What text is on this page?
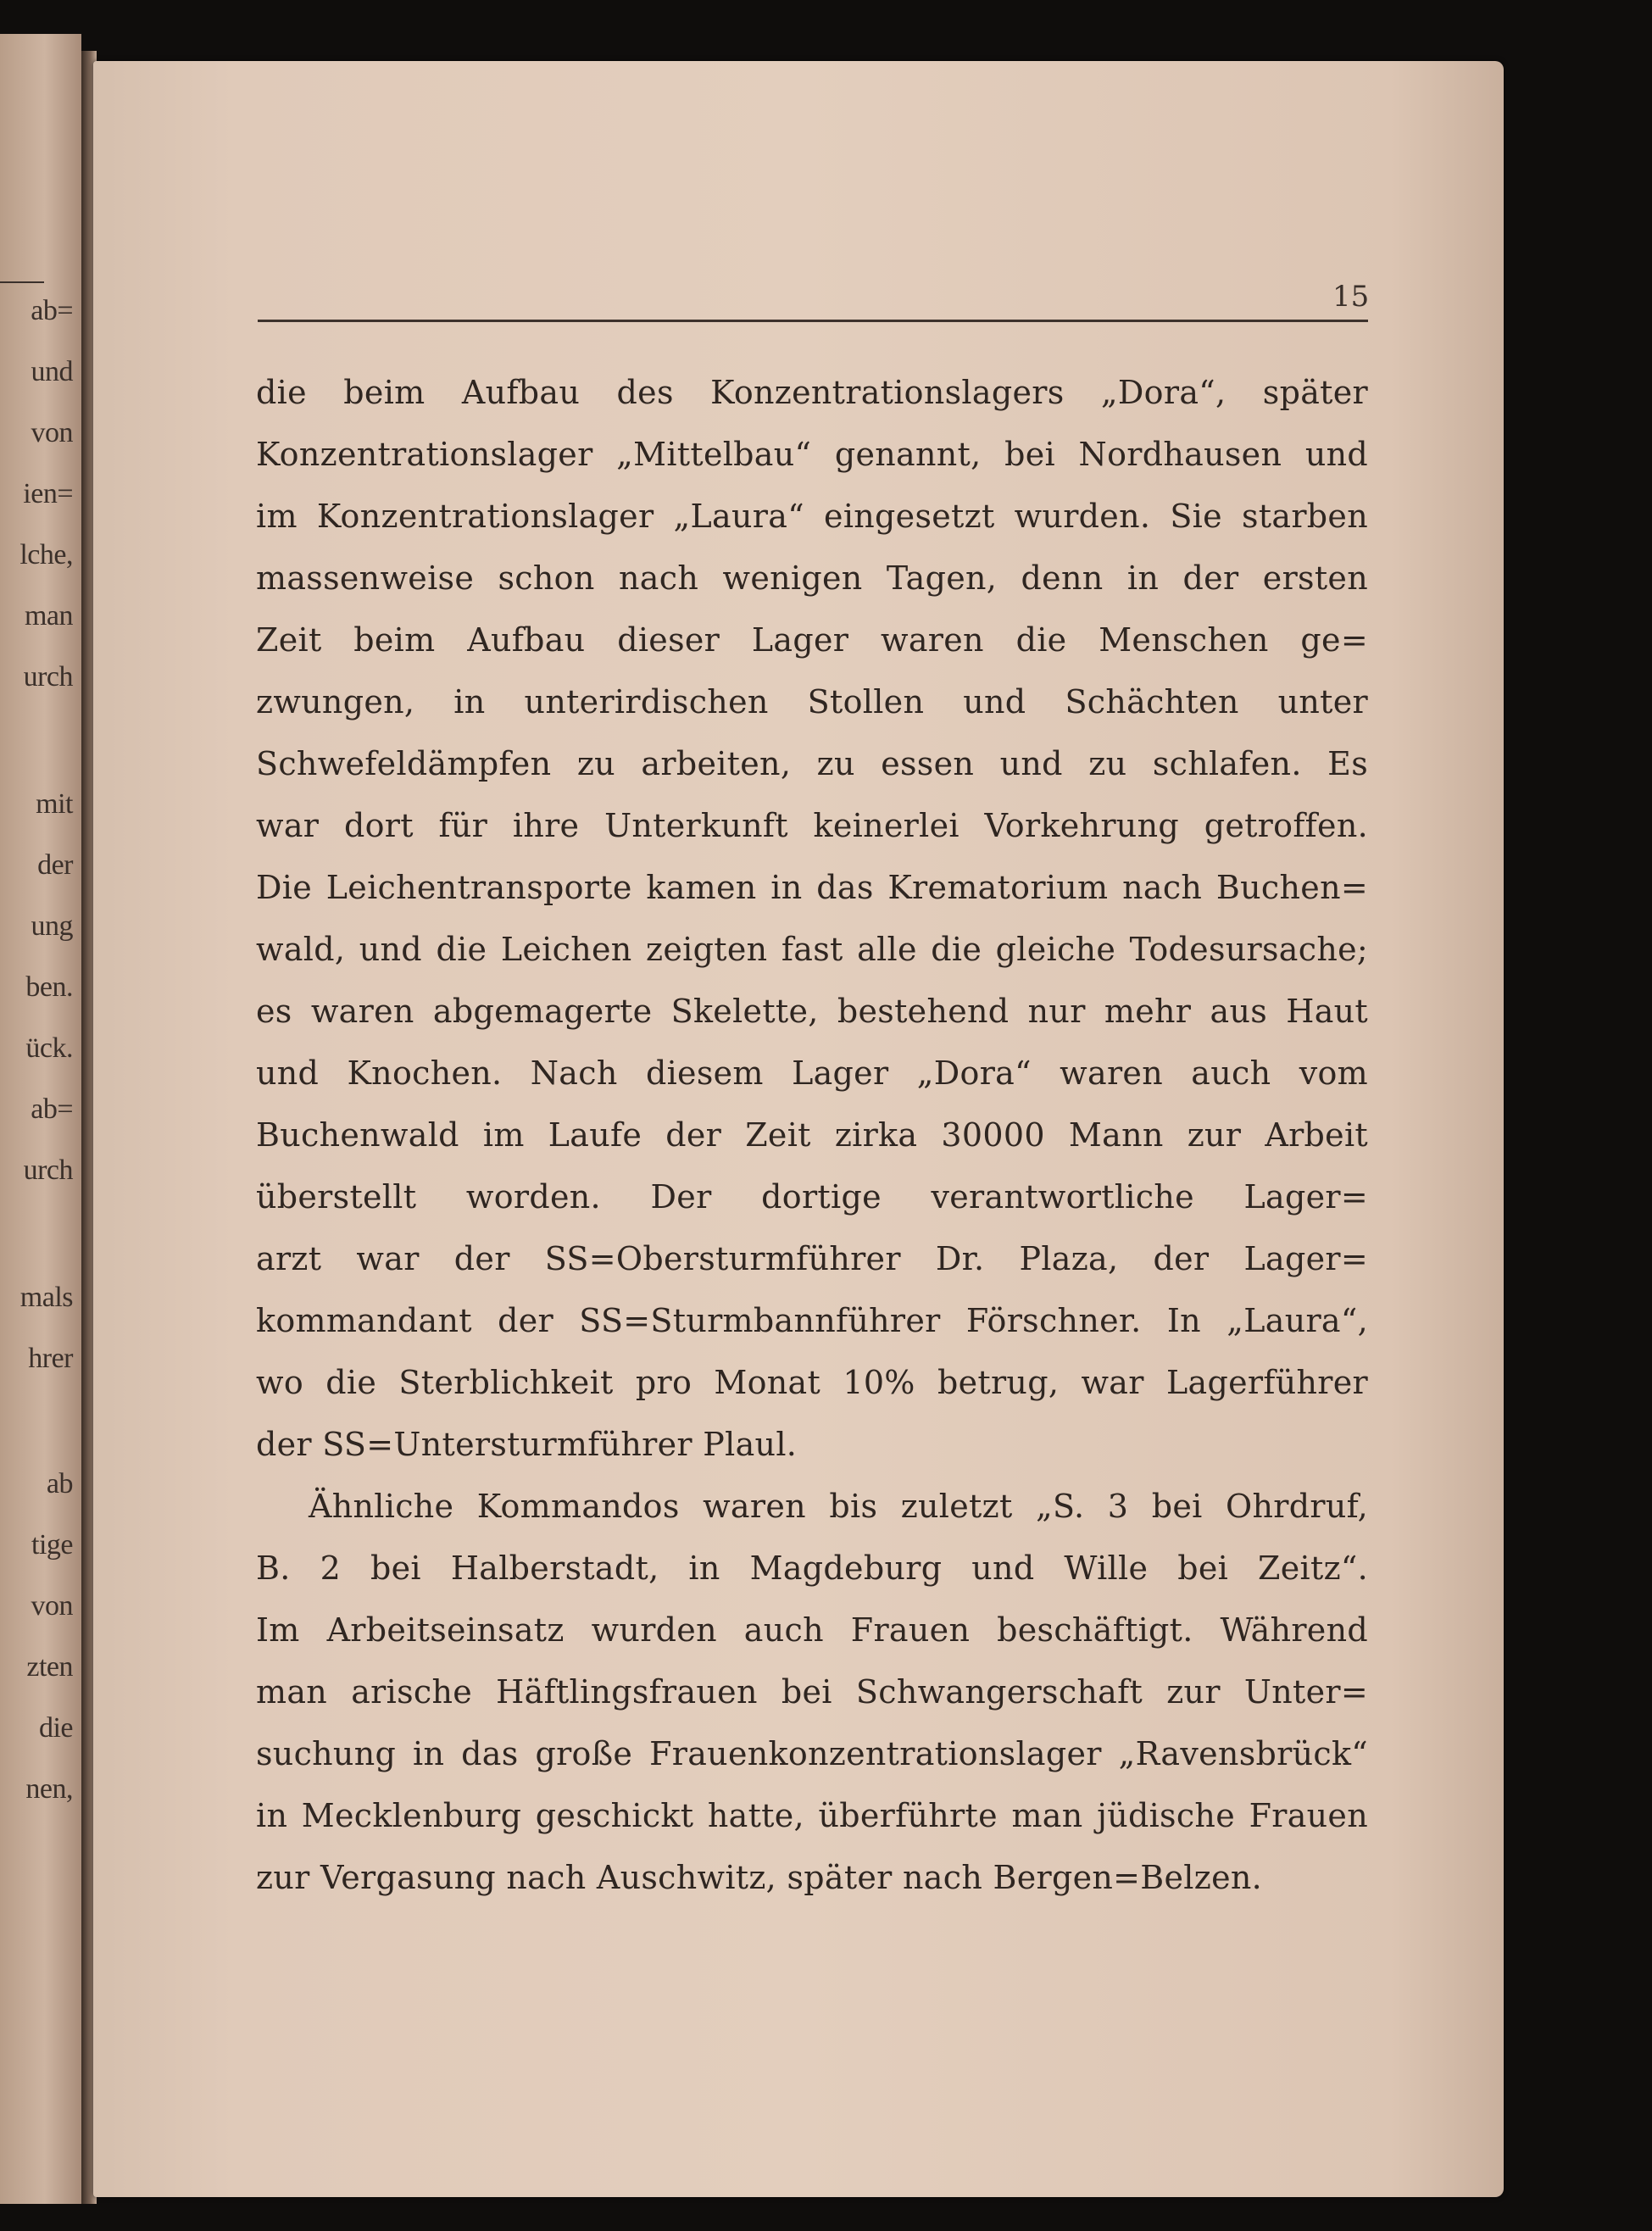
ab=
und
von
ien=
lche,
man
urch
mit
der
ung
ben.
ück.
ab=
urch
mals
hrer
ab
tige
von
zten
die
nen,
15
die beim Aufbau des Konzentrationslagers „Dora“, später
Konzentrationslager „Mittelbau“ genannt, bei Nordhausen und
im Konzentrationslager „Laura“ eingesetzt wurden. Sie starben
massenweise schon nach wenigen Tagen, denn in der ersten
Zeit beim Aufbau dieser Lager waren die Menschen ge=
zwungen, in unterirdischen Stollen und Schächten unter
Schwefeldämpfen zu arbeiten, zu essen und zu schlafen. Es
war dort für ihre Unterkunft keinerlei Vorkehrung getroffen.
Die Leichentransporte kamen in das Krematorium nach Buchen=
wald, und die Leichen zeigten fast alle die gleiche Todesursache;
es waren abgemagerte Skelette, bestehend nur mehr aus Haut
und Knochen. Nach diesem Lager „Dora“ waren auch vom
Buchenwald im Laufe der Zeit zirka 30000 Mann zur Arbeit
überstellt worden. Der dortige verantwortliche Lager=
arzt war der SS=Obersturmführer Dr. Plaza, der Lager=
kommandant der SS=Sturmbannführer Förschner. In „Laura“,
wo die Sterblichkeit pro Monat 10% betrug, war Lagerführer
der SS=Untersturmführer Plaul.
Ähnliche Kommandos waren bis zuletzt „S. 3 bei Ohrdruf,
B. 2 bei Halberstadt, in Magdeburg und Wille bei Zeitz“.
Im Arbeitseinsatz wurden auch Frauen beschäftigt. Während
man arische Häftlingsfrauen bei Schwangerschaft zur Unter=
suchung in das große Frauenkonzentrationslager „Ravensbrück“
in Mecklenburg geschickt hatte, überführte man jüdische Frauen
zur Vergasung nach Auschwitz, später nach Bergen=Belzen.
